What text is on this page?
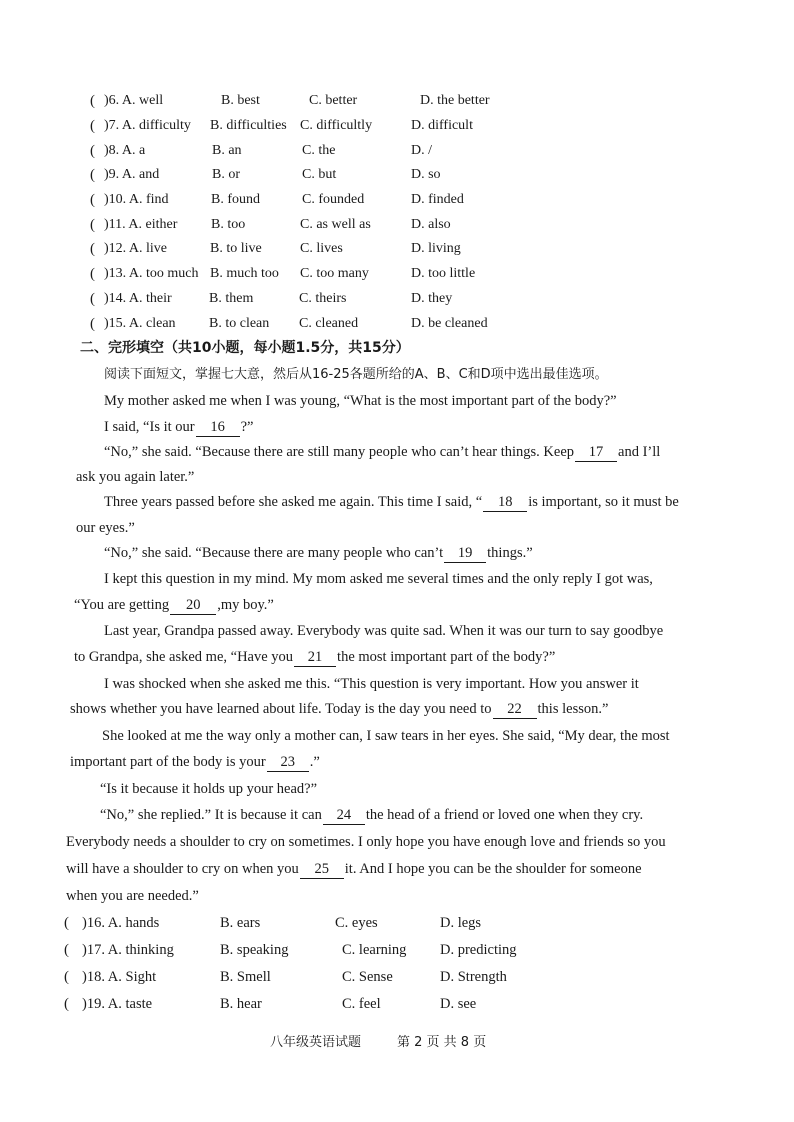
( )6. A. well	B. best	C. better	D. the better
( )7. A. difficulty B. difficulties C. difficultly	D. difficult
( )8. A. a	B. an	C. the	D. /
( )9. A. and	B. or	C. but	D. so
( )10. A. find	B. found	C. founded	D. finded
( )11. A. either B. too	C. as well as	D. also
( )12. A. live	B. to live	C. lives	D. living
( )13. A. too much B. much too C. too many	D. too little
( )14. A. their	B. them	C. theirs	D. they
( )15. A. clean B. to clean C. cleaned	D. be cleaned
二、完形填空（共10小题，每小题1.5分，共15分）
阅读下面短文，掌握七大意，然后从16-25各题所给的A、B、C和D项中选出最佳选项。
My mother asked me when I was young, “What is the most important part of the body?”
I said, “Is it our 16 ?”
“No,” she said. “Because there are still many people who can’t hear things. Keep 17 and I’ll
ask you again later.”
Three years passed before she asked me again. This time I said, “ 18 is important, so it must be
our eyes.”
“No,” she said. “Because there are many people who can’t 19 things.”
I kept this question in my mind. My mom asked me several times and the only reply I got was,
“You are getting 20 ,my boy.”
Last year, Grandpa passed away. Everybody was quite sad. When it was our turn to say goodbye
to Grandpa, she asked me, “Have you 21 the most important part of the body?”
I was shocked when she asked me this. “This question is very important. How you answer it
shows whether you have learned about life. Today is the day you need to 22 this lesson.”
She looked at me the way only a mother can, I saw tears in her eyes. She said, “My dear, the most
important part of the body is your 23 .”
“Is it because it holds up your head?”
“No,” she replied.” It is because it can 24 the head of a friend or loved one when they cry.
Everybody needs a shoulder to cry on sometimes. I only hope you have enough love and friends so you
will have a shoulder to cry on when you 25 it. And I hope you can be the shoulder for someone
when you are needed.”
( )16. A. hands	B. ears	C. eyes	D. legs
( )17. A. thinking	B. speaking	C. learning D. predicting
( )18. A. Sight	B. Smell	C. Sense	D. Strength
( )19. A. taste	B. hear	C. feel	D. see
八年级英语试题	第 2 页 共 8 页
